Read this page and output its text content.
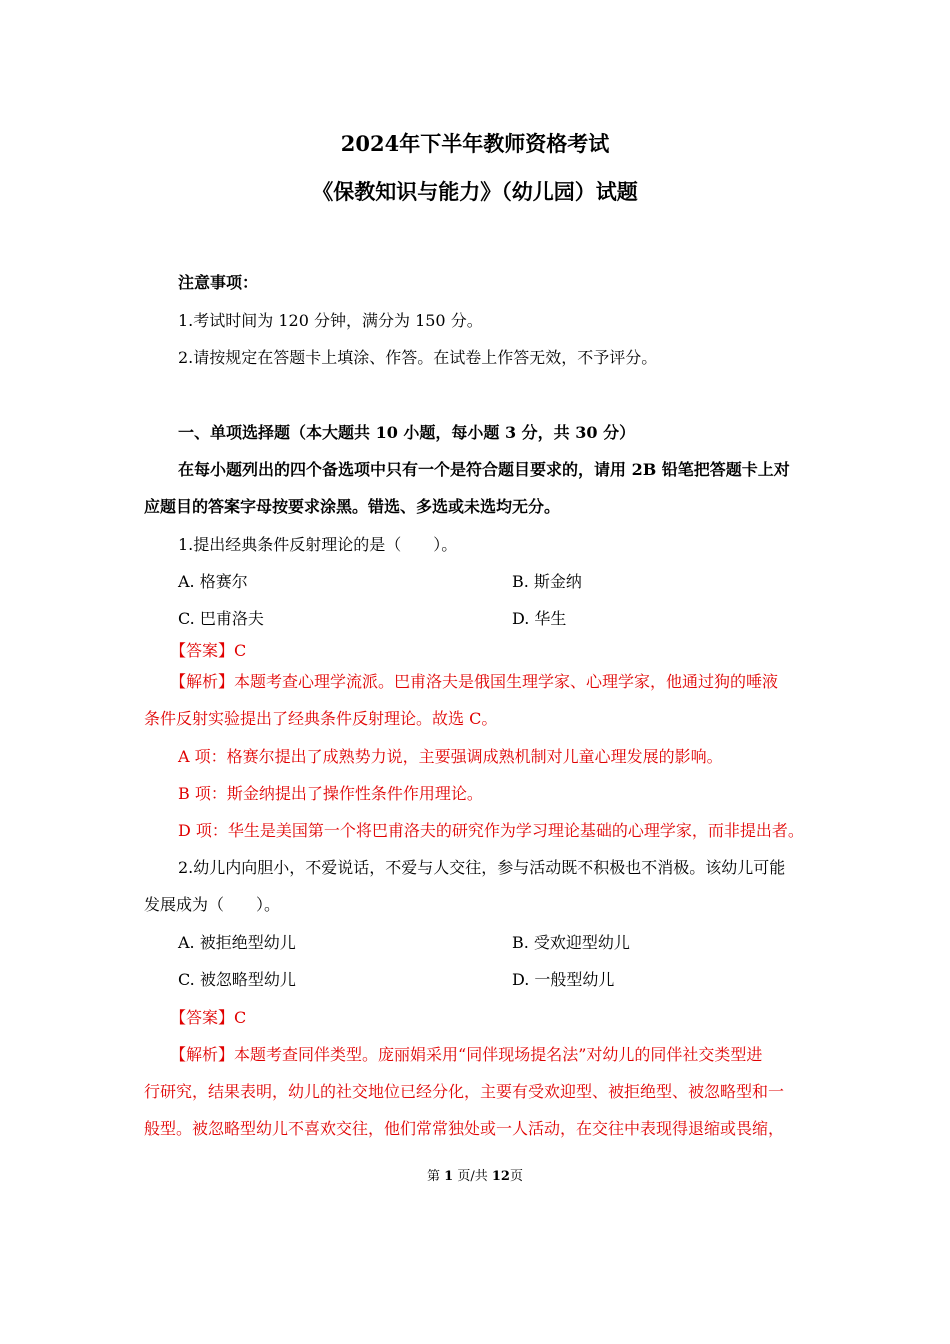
2024年下半年教师资格考试
《保教知识与能力》（幼儿园）试题
注意事项：
1.考试时间为 120 分钟，满分为 150 分。
2.请按规定在答题卡上填涂、作答。在试卷上作答无效，不予评分。
一、单项选择题（本大题共 10 小题，每小题 3 分，共 30 分）
在每小题列出的四个备选项中只有一个是符合题目要求的，请用 2B 铅笔把答题卡上对
应题目的答案字母按要求涂黑。错选、多选或未选均无分。
1.提出经典条件反射理论的是（　　）。
A. 格赛尔	B. 斯金纳
C. 巴甫洛夫	D. 华生
【答案】C
【解析】本题考查心理学流派。巴甫洛夫是俄国生理学家、心理学家，他通过狗的唾液
条件反射实验提出了经典条件反射理论。故选 C。
A 项：格赛尔提出了成熟势力说，主要强调成熟机制对儿童心理发展的影响。
B 项：斯金纳提出了操作性条件作用理论。
D 项：华生是美国第一个将巴甫洛夫的研究作为学习理论基础的心理学家，而非提出者。
2.幼儿内向胆小，不爱说话，不爱与人交往，参与活动既不积极也不消极。该幼儿可能
发展成为（　　）。
A. 被拒绝型幼儿	B. 受欢迎型幼儿
C. 被忽略型幼儿	D. 一般型幼儿
【答案】C
【解析】本题考查同伴类型。庞丽娟采用“同伴现场提名法”对幼儿的同伴社交类型进
行研究，结果表明，幼儿的社交地位已经分化，主要有受欢迎型、被拒绝型、被忽略型和一
般型。被忽略型幼儿不喜欢交往，他们常常独处或一人活动，在交往中表现得退缩或畏缩，
第 1 页/共 12页
